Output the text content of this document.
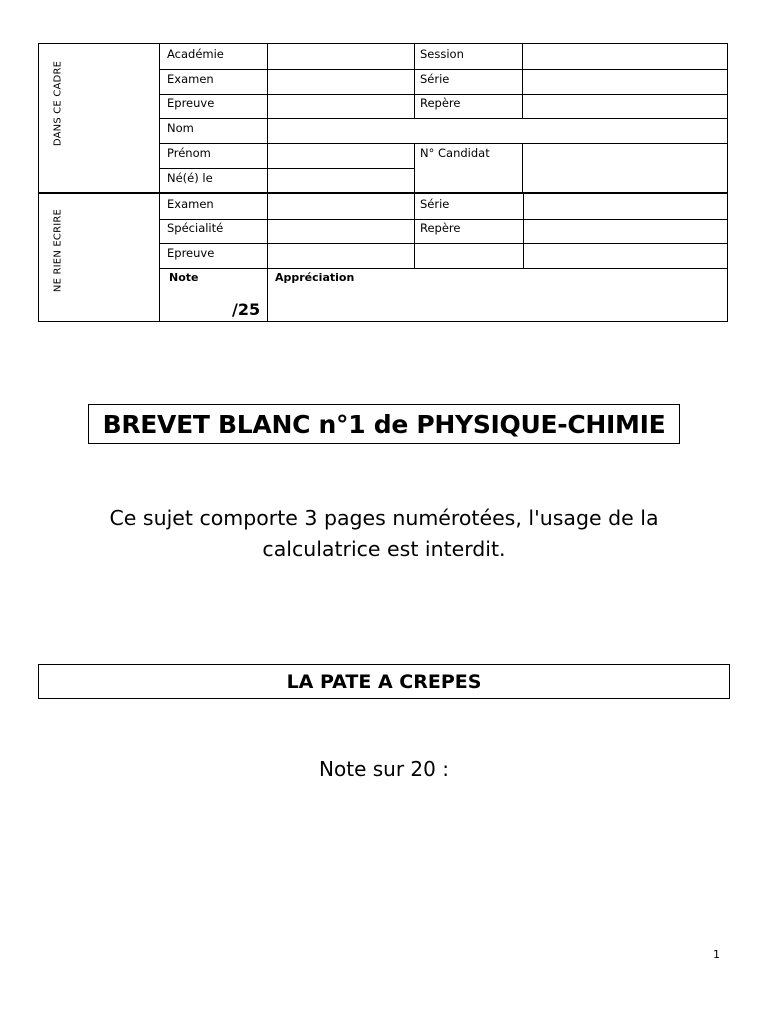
DANS CE CADRE
NE RIEN ECRIRE
Académie	Session
Examen	Série
Epreuve	Repère
Nom
Prénom	N° Candidat
Né(é) le
Examen	Série
Spécialité	Repère
Epreuve
Note	Appréciation
/25
BREVET BLANC n°1 de PHYSIQUE-CHIMIE
Ce sujet comporte 3 pages numérotées, l'usage de la
calculatrice est interdit.
LA PATE A CREPES
Note sur 20 :
1
